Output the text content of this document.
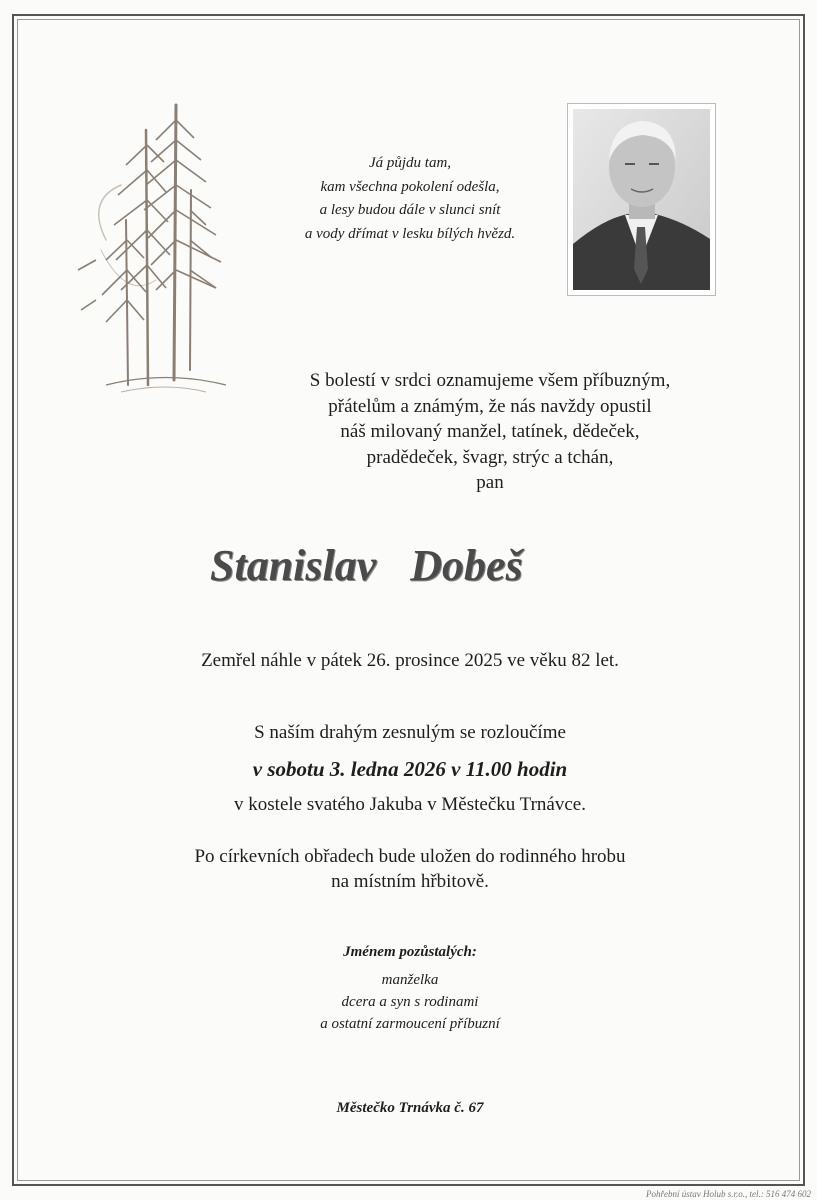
Já půjdu tam,
kam všechna pokolení odešla,
a lesy budou dále v slunci snít
a vody dřímat v lesku bílých hvězd.
S bolestí v srdci oznamujeme všem příbuzným,
přátelům a známým, že nás navždy opustil
náš milovaný manžel, tatínek, dědeček,
pradědeček, švagr, strýc a tchán,
pan
Stanislav Dobeš
Zemřel náhle v pátek 26. prosince 2025 ve věku 82 let.
S naším drahým zesnulým se rozloučíme
v sobotu 3. ledna 2026 v 11.00 hodin
v kostele svatého Jakuba v Městečku Trnávce.
Po církevních obřadech bude uložen do rodinného hrobu
na místním hřbitově.
Jménem pozůstalých:
manželka
dcera a syn s rodinami
a ostatní zarmoucení příbuzní
Městečko Trnávka č. 67
Pohřební ústav Holub s.r.o., tel.: 516 474 602
